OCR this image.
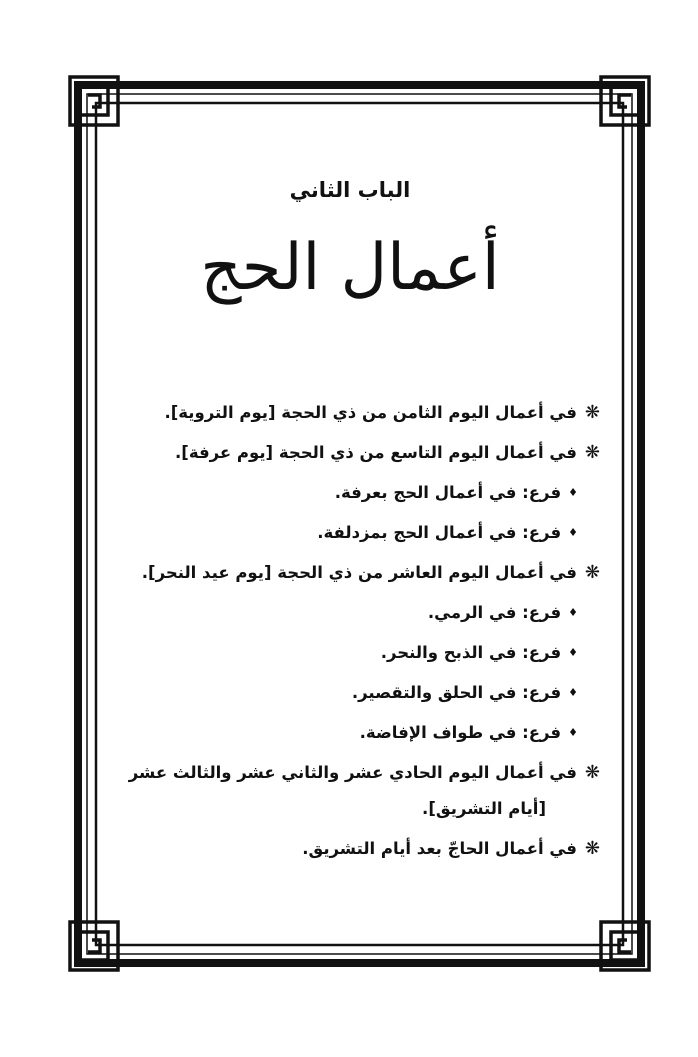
الباب الثاني
أعمال الحج
❋في أعمال اليوم الثامن من ذي الحجة [يوم التروية].
❋في أعمال اليوم التاسع من ذي الحجة [يوم عرفة].
♦فرع: في أعمال الحج بعرفة.
♦فرع: في أعمال الحج بمزدلفة.
❋في أعمال اليوم العاشر من ذي الحجة [يوم عيد النحر].
♦فرع: في الرمي.
♦فرع: في الذبح والنحر.
♦فرع: في الحلق والتقصير.
♦فرع: في طواف الإفاضة.
❋في أعمال اليوم الحادي عشر والثاني عشر والثالث عشر
[أيام التشريق].
❋في أعمال الحاجّ بعد أيام التشريق.
